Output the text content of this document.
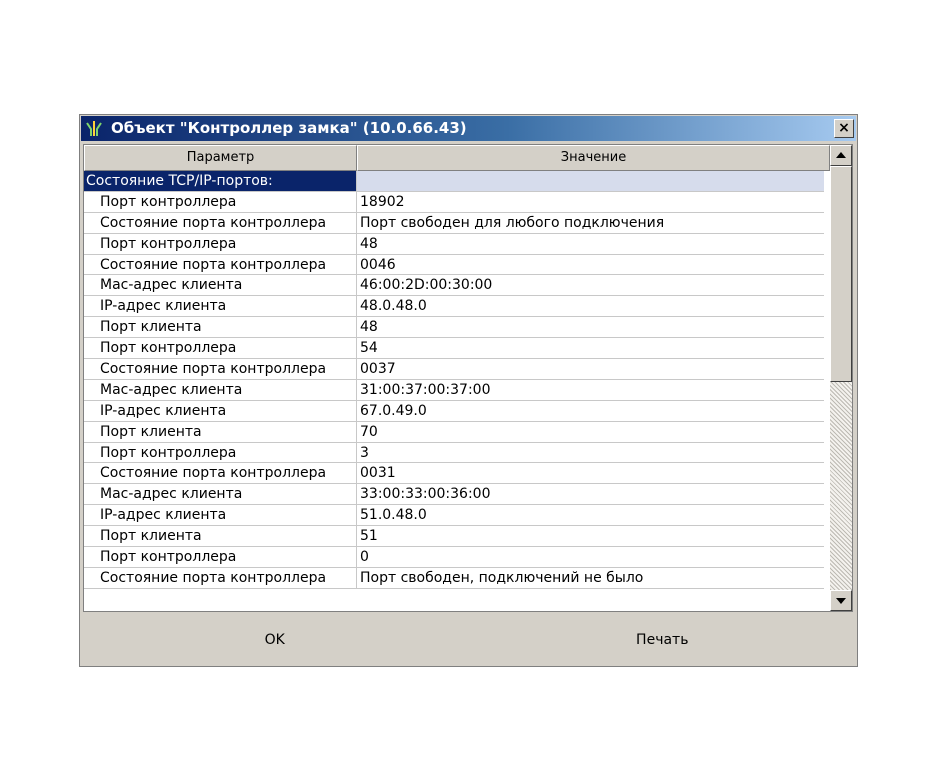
Объект "Контроллер замка" (10.0.66.43)	×
Параметр	Значение
Состояние TCP/IP-портов:
Порт контроллера	18902
Состояние порта контроллера	Порт свободен для любого подключения
Порт контроллера	48
Состояние порта контроллера	0046
Mac-адрес клиента	46:00:2D:00:30:00
IP-адрес клиента	48.0.48.0
Порт клиента	48
Порт контроллера	54
Состояние порта контроллера	0037
Mac-адрес клиента	31:00:37:00:37:00
IP-адрес клиента	67.0.49.0
Порт клиента	70
Порт контроллера	3
Состояние порта контроллера	0031
Mac-адрес клиента	33:00:33:00:36:00
IP-адрес клиента	51.0.48.0
Порт клиента	51
Порт контроллера	0
Состояние порта контроллера	Порт свободен, подключений не было
OK	Печать
